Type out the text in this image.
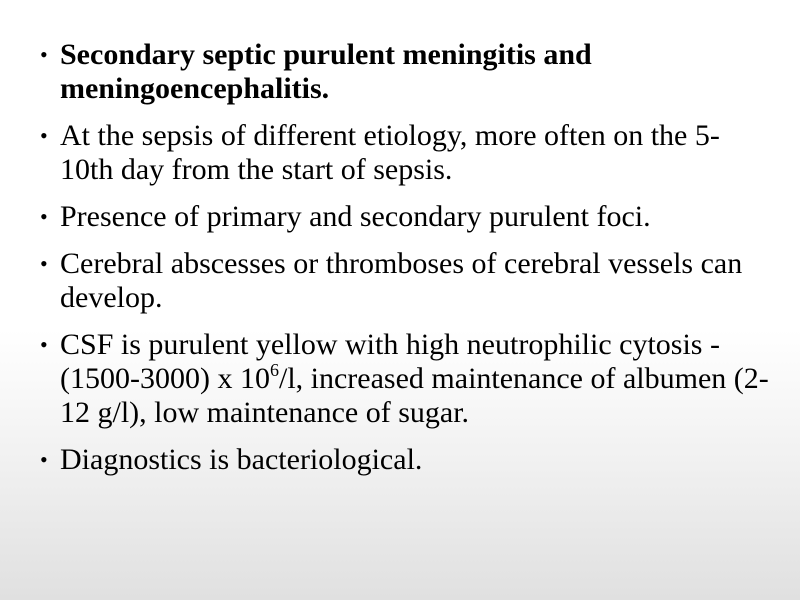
• Secondary septic purulent meningitis and meningoencephalitis.
• At the sepsis of different etiology, more often on the 5-10th day from the start of sepsis.
• Presence of primary and secondary purulent foci.
• Cerebral abscesses or thromboses of cerebral vessels can develop.
• CSF is purulent yellow with high neutrophilic cytosis - (1500-3000) x $10^6/l$, increased maintenance of albumen (2-12 g/l), low maintenance of sugar.
• Diagnostics is bacteriological.
